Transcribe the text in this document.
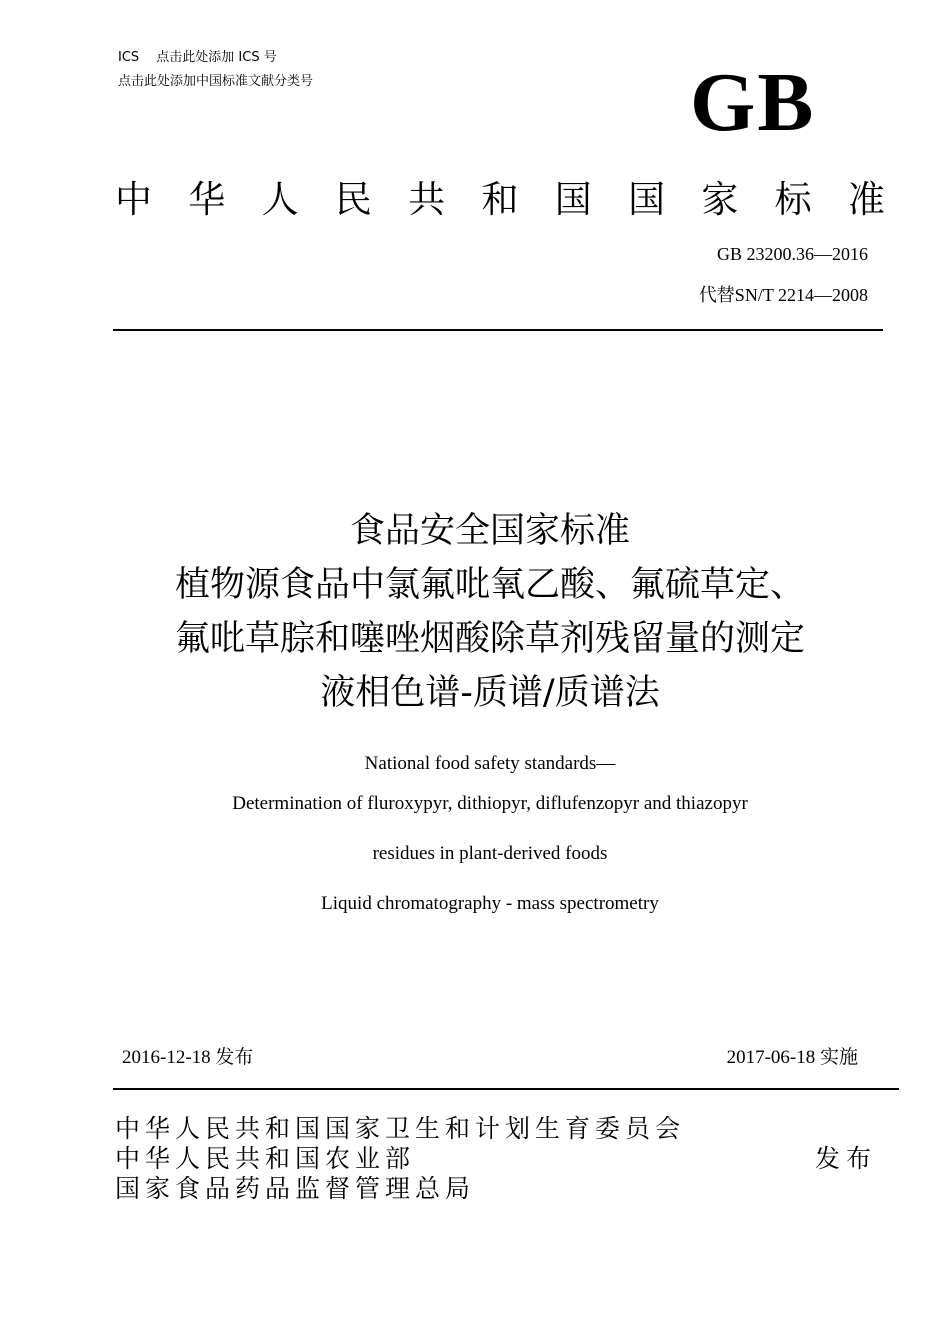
ICS　 点击此处添加 ICS 号
点击此处添加中国标准文献分类号	GB
中 华 人 民 共 和 国 国 家 标 准
GB 23200.36—2016
代替SN/T 2214—2008
食品安全国家标准
植物源食品中氯氟吡氧乙酸、氟硫草定、
氟吡草腙和噻唑烟酸除草剂残留量的测定
液相色谱-质谱/质谱法
National food safety standards—
Determination of fluroxypyr, dithiopyr, diflufenzopyr and thiazopyr
residues in plant-derived foods
Liquid chromatography - mass spectrometry
2016-12-18 发布	2017-06-18 实施
中华人民共和国国家卫生和计划生育委员会
中华人民共和国农业部
国家食品药品监督管理总局
发布
